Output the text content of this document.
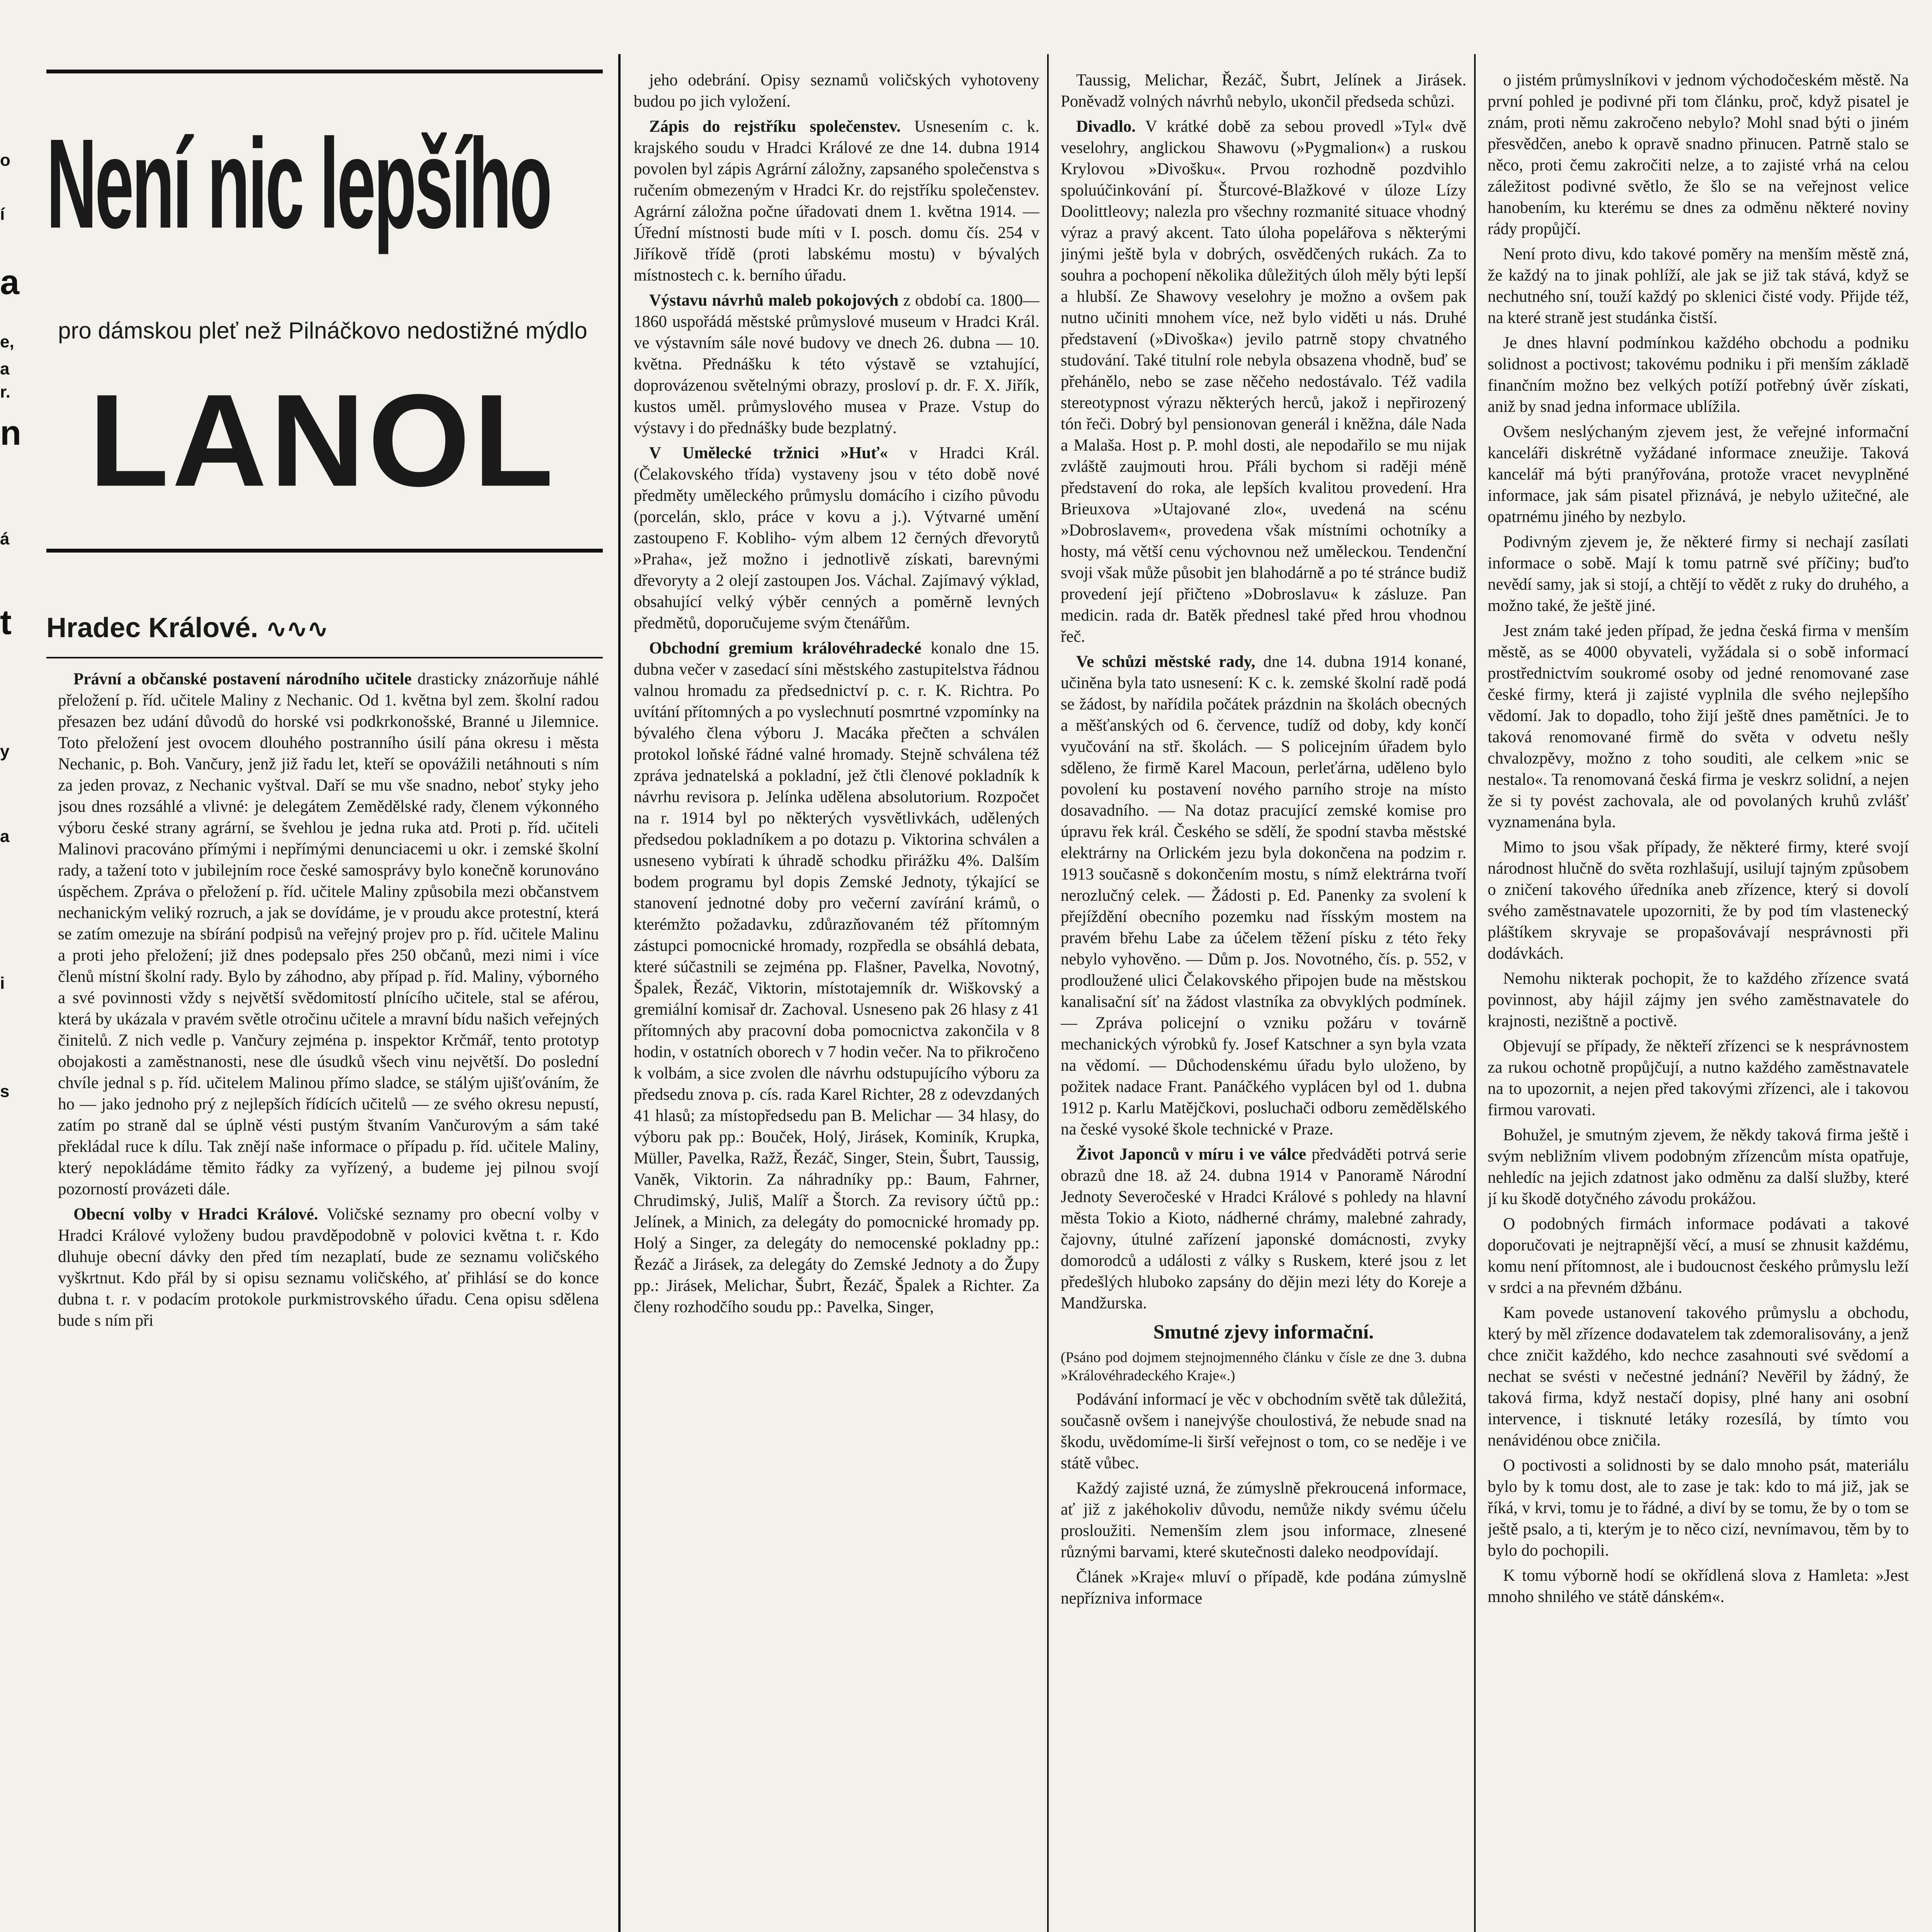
o
í
a
e,
a
r.
n
á
t
y
a
i
s
Není nic lepšího
pro dámskou pleť než Pilnáčkovo nedostižné mýdlo
LANOL
Hradec Králové. ∿∿∿

Právní a občanské postavení národního učitele drasticky znázorňuje náhlé přeložení p. říd. učitele Maliny z Nechanic. Od 1. května byl zem. školní radou přesazen bez udání důvodů do horské vsi podkrkonošské, Branné u Jilemnice. Toto přeložení jest ovocem dlouhého postranního úsilí pána okresu i města Nechanic, p. Boh. Vančury, jenž již řadu let, kteří se opovážili netáhnouti s ním za jeden provaz, z Nechanic vyštval. Daří se mu vše snadno, neboť styky jeho jsou dnes rozsáhlé a vlivné: je delegátem Zemědělské rady, členem výkonného výboru české strany agrární, se švehlou je jedna ruka atd. Proti p. říd. učiteli Malinovi pracováno přímými i nepřímými denunciacemi u okr. i zemské školní rady, a tažení toto v jubilejním roce české samosprávy bylo konečně korunováno úspěchem. Zpráva o přeložení p. říd. učitele Maliny způsobila mezi občanstvem nechanickým veliký rozruch, a jak se dovídáme, je v proudu akce protestní, která se zatím omezuje na sbírání podpisů na veřejný projev pro p. říd. učitele Malinu a proti jeho přeložení; již dnes podepsalo přes 250 občanů, mezi nimi i více členů místní školní rady. Bylo by záhodno, aby případ p. říd. Maliny, výborného a své povinnosti vždy s největší svědomitostí plnícího učitele, stal se aférou, která by ukázala v pravém světle otročinu učitele a mravní bídu našich veřejných činitelů. Z nich vedle p. Vančury zejména p. inspektor Krčmář, tento prototyp obojakosti a zaměstnanosti, nese dle úsudků všech vinu největší. Do poslední chvíle jednal s p. říd. učitelem Malinou přímo sladce, se stálým ujišťováním, že ho — jako jednoho prý z nejlepších řídících učitelů — ze svého okresu nepustí, zatím po straně dal se úplně vésti pustým štvaním Vančurovým a sám také překládal ruce k dílu. Tak znějí naše informace o případu p. říd. učitele Maliny, který nepokládáme těmito řádky za vyřízený, a budeme jej pilnou svojí pozorností provázeti dále.

Obecní volby v Hradci Králové. Voličské seznamy pro obecní volby v Hradci Králové vyloženy budou pravděpodobně v polovici května t. r. Kdo dluhuje obecní dávky den před tím nezaplatí, bude ze seznamu voličského vyškrtnut. Kdo přál by si opisu seznamu voličského, ať přihlásí se do konce dubna t. r. v podacím protokole purkmistrovského úřadu. Cena opisu sdělena bude s ním při

jeho odebrání. Opisy seznamů voličských vyhotoveny budou po jich vyložení.

Zápis do rejstříku společenstev. Usnesením c. k. krajského soudu v Hradci Králové ze dne 14. dubna 1914 povolen byl zápis Agrární záložny, zapsaného společenstva s ručením obmezeným v Hradci Kr. do rejstříku společenstev. Agrární záložna počne úřadovati dnem 1. května 1914. — Úřední místnosti bude míti v I. posch. domu čís. 254 v Jiříkově třídě (proti labskému mostu) v bývalých místnostech c. k. berního úřadu.

Výstavu návrhů maleb pokojových z období ca. 1800—1860 uspořádá městské průmyslové museum v Hradci Král. ve výstavním sále nové budovy ve dnech 26. dubna — 10. května. Přednášku k této výstavě se vztahující, doprovázenou světelnými obrazy, prosloví p. dr. F. X. Jiřík, kustos uměl. průmyslového musea v Praze. Vstup do výstavy i do přednášky bude bezplatný.

V Umělecké tržnici »Huť« v Hradci Král. (Čelakovského třída) vystaveny jsou v této době nové předměty uměleckého průmyslu domácího i cizího původu (porcelán, sklo, práce v kovu a j.). Výtvarné umění zastoupeno F. Kobliho- vým albem 12 černých dřevorytů »Praha«, jež možno i jednotlivě získati, barevnými dřevoryty a 2 olejí zastoupen Jos. Váchal. Zajímavý výklad, obsahující velký výběr cenných a poměrně levných předmětů, doporučujeme svým čtenářům.

Obchodní gremium královéhradecké konalo dne 15. dubna večer v zasedací síni městského zastupitelstva řádnou valnou hromadu za předsednictví p. c. r. K. Richtra. Po uvítání přítomných a po vyslechnutí posmrtné vzpomínky na bývalého člena výboru J. Macáka přečten a schválen protokol loňské řádné valné hromady. Stejně schválena též zpráva jednatelská a pokladní, jež čtli členové pokladník k návrhu revisora p. Jelínka udělena absolutorium. Rozpočet na r. 1914 byl po některých vysvětlivkách, udělených předsedou pokladníkem a po dotazu p. Viktorina schválen a usneseno vybírati k úhradě schodku přirážku 4%. Dalším bodem programu byl dopis Zemské Jednoty, týkající se stanovení jednotné doby pro večerní zavírání krámů, o kterémžto požadavku, zdůrazňovaném též přítomným zástupci pomocnické hromady, rozpředla se obsáhlá debata, které súčastnili se zejména pp. Flašner, Pavelka, Novotný, Špalek, Řezáč, Viktorin, místotajemník dr. Wiškovský a gremiální komisař dr. Zachoval. Usneseno pak 26 hlasy z 41 přítomných aby pracovní doba pomocnictva zakončila v 8 hodin, v ostatních oborech v 7 hodin večer. Na to přikročeno k volbám, a sice zvolen dle návrhu odstupujícího výboru za předsedu znova p. cís. rada Karel Richter, 28 z odevzdaných 41 hlasů; za místopředsedu pan B. Melichar — 34 hlasy, do výboru pak pp.: Bouček, Holý, Jirásek, Kominík, Krupka, Müller, Pavelka, Ražž, Řezáč, Singer, Stein, Šubrt, Taussig, Vaněk, Viktorin. Za náhradníky pp.: Baum, Fahrner, Chrudimský, Juliš, Malíř a Štorch. Za revisory účtů pp.: Jelínek, a Minich, za delegáty do pomocnické hromady pp. Holý a Singer, za delegáty do nemocenské pokladny pp.: Řezáč a Jirásek, za delegáty do Zemské Jednoty a do Župy pp.: Jirásek, Melichar, Šubrt, Řezáč, Špalek a Richter. Za členy rozhodčího soudu pp.: Pavelka, Singer,

Taussig, Melichar, Řezáč, Šubrt, Jelínek a Jirásek. Poněvadž volných návrhů nebylo, ukončil předseda schůzi.

Divadlo. V krátké době za sebou provedl »Tyl« dvě veselohry, anglickou Shawovu (»Pygmalion«) a ruskou Krylovou »Divošku«. Prvou rozhodně pozdvihlo spoluúčinkování pí. Šturcové-Blažkové v úloze Lízy Doolittleovy; nalezla pro všechny rozmanité situace vhodný výraz a pravý akcent. Tato úloha popelářova s některými jinými ještě byla v dobrých, osvědčených rukách. Za to souhra a pochopení několika důležitých úloh měly býti lepší a hlubší. Ze Shawovy veselohry je možno a ovšem pak nutno učiniti mnohem více, než bylo viděti u nás. Druhé představení (»Divoška«) jevilo patrně stopy chvatného studování. Také titulní role nebyla obsazena vhodně, buď se přehánělo, nebo se zase něčeho nedostávalo. Též vadila stereotypnost výrazu některých herců, jakož i nepřirozený tón řeči. Dobrý byl pensionovan generál i kněžna, dále Nada a Malaša. Host p. P. mohl dosti, ale nepodařilo se mu nijak zvláště zaujmouti hrou. Přáli bychom si raději méně představení do roka, ale lepších kvalitou provedení. Hra Brieuxova »Utajované zlo«, uvedená na scénu »Dobroslavem«, provedena však místními ochotníky a hosty, má větší cenu výchovnou než uměleckou. Tendenční svoji však může působit jen blahodárně a po té stránce budiž provedení její přičteno »Dobroslavu« k zásluze. Pan medicin. rada dr. Batěk přednesl také před hrou vhodnou řeč.

Ve schůzi městské rady, dne 14. dubna 1914 konané, učiněna byla tato usnesení: K c. k. zemské školní radě podá se žádost, by nařídila počátek prázdnin na školách obecných a měšťanských od 6. července, tudíž od doby, kdy končí vyučování na stř. školách. — S policejním úřadem bylo sděleno, že firmě Karel Macoun, perleťárna, uděleno bylo povolení ku postavení nového parního stroje na místo dosavadního. — Na dotaz pracující zemské komise pro úpravu řek král. Českého se sdělí, že spodní stavba městské elektrárny na Orlickém jezu byla dokončena na podzim r. 1913 současně s dokončením mostu, s nímž elektrárna tvoří nerozlučný celek. — Žádosti p. Ed. Panenky za svolení k přejíždění obecního pozemku nad řísským mostem na pravém břehu Labe za účelem těžení písku z této řeky nebylo vyhověno. — Dům p. Jos. Novotného, čís. p. 552, v prodloužené ulici Čelakovského připojen bude na městskou kanalisační síť na žádost vlastníka za obvyklých podmínek. — Zpráva policejní o vzniku požáru v továrně mechanických výrobků fy. Josef Katschner a syn byla vzata na vědomí. — Důchodenskému úřadu bylo uloženo, by požitek nadace Frant. Panáčkého vyplácen byl od 1. dubna 1912 p. Karlu Matějčkovi, posluchači odboru zemědělského na české vysoké škole technické v Praze.

Život Japonců v míru i ve válce předváděti potrvá serie obrazů dne 18. až 24. dubna 1914 v Panoramě Národní Jednoty Severočeské v Hradci Králové s pohledy na hlavní města Tokio a Kioto, nádherné chrámy, malebné zahrady, čajovny, útulné zařízení japonské domácnosti, zvyky domorodců a události z války s Ruskem, které jsou z let předešlých hluboko zapsány do dějin mezi léty do Koreje a Mandžurska.

Smutné zjevy informační.

(Psáno pod dojmem stejnojmenného článku v čísle ze dne 3. dubna »Královéhradeckého Kraje«.)

Podávání informací je věc v obchodním světě tak důležitá, současně ovšem i nanejvýše choulostivá, že nebude snad na škodu, uvědomíme-li širší veřejnost o tom, co se neděje i ve státě vůbec.

Každý zajisté uzná, že zúmyslně překroucená informace, ať již z jakéhokoliv důvodu, nemůže nikdy svému účelu prosloužiti. Nemenším zlem jsou informace, zlnesené různými barvami, které skutečnosti daleko neodpovídají.

Článek »Kraje« mluví o případě, kde podána zúmyslně nepřízniva informace

o jistém průmyslníkovi v jednom východočeském městě. Na první pohled je podivné při tom článku, proč, když pisatel je znám, proti němu zakročeno nebylo? Mohl snad býti o jiném přesvědčen, anebo k opravě snadno přinucen. Patrně stalo se něco, proti čemu zakročiti nelze, a to zajisté vrhá na celou záležitost podivné světlo, že šlo se na veřejnost velice hanobením, ku kterému se dnes za odměnu některé noviny rády propůjčí.

Není proto divu, kdo takové poměry na menším městě zná, že každý na to jinak pohlíží, ale jak se již tak stává, když se nechutného sní, touží každý po sklenici čisté vody. Přijde též, na které straně jest studánka čistší.

Je dnes hlavní podmínkou každého obchodu a podniku solidnost a poctivost; takovému podniku i při menším základě finančním možno bez velkých potíží potřebný úvěr získati, aniž by snad jedna informace ublížila.

Ovšem neslýchaným zjevem jest, že veřejné informační kanceláři diskrétně vyžádané informace zneužije. Taková kancelář má býti pranýřována, protože vracet nevyplněné informace, jak sám pisatel přiznává, je nebylo užitečné, ale opatrnému jiného by nezbylo.

Podivným zjevem je, že některé firmy si nechají zasílati informace o sobě. Mají k tomu patrně své příčiny; buďto nevědí samy, jak si stojí, a chtějí to vědět z ruky do druhého, a možno také, že ještě jiné.

Jest znám také jeden případ, že jedna česká firma v menším městě, as se 4000 obyvateli, vyžádala si o sobě informací prostřednictvím soukromé osoby od jedné renomované zase české firmy, která ji zajisté vyplnila dle svého nejlepšího vědomí. Jak to dopadlo, toho žijí ještě dnes pamětníci. Je to taková renomované firmě do světa v odvetu nešly chvalozpěvy, možno z toho souditi, ale celkem »nic se nestalo«. Ta renomovaná česká firma je veskrz solidní, a nejen že si ty povést zachovala, ale od povolaných kruhů zvlášť vyznamenána byla.

Mimo to jsou však případy, že některé firmy, které svojí národnost hlučně do světa rozhlašují, usilují tajným způsobem o zničení takového úředníka aneb zřízence, který si dovolí svého zaměstnavatele upozorniti, že by pod tím vlastenecký pláštíkem skryvaje se propašovávají nesprávnosti při dodávkách.

Nemohu nikterak pochopit, že to každého zřízence svatá povinnost, aby hájil zájmy jen svého zaměstnavatele do krajnosti, nezištně a poctivě.

Objevují se případy, že někteří zřízenci se k nesprávnostem za rukou ochotně propůjčují, a nutno každého zaměstnavatele na to upozornit, a nejen před takovými zřízenci, ale i takovou firmou varovati.

Bohužel, je smutným zjevem, že někdy taková firma ještě i svým nebližním vlivem podobným zřízencům místa opatřuje, nehledíc na jejich zdatnost jako odměnu za další služby, které jí ku škodě dotyčného závodu prokážou.

O podobných firmách informace podávati a takové doporučovati je nejtrapnější věcí, a musí se zhnusit každému, komu není přítomnost, ale i budoucnost českého průmyslu leží v srdci a na převném džbánu.

Kam povede ustanovení takového průmyslu a obchodu, který by měl zřízence dodavatelem tak zdemoralisovány, a jenž chce zničit každého, kdo nechce zasahnouti své svědomí a nechat se svésti v nečestné jednání? Nevěřil by žádný, že taková firma, když nestačí dopisy, plné hany ani osobní intervence, i tisknuté letáky rozesílá, by tímto vou nenávidénou obce zničila.

O poctivosti a solidnosti by se dalo mnoho psát, materiálu bylo by k tomu dost, ale to zase je tak: kdo to má již, jak se říká, v krvi, tomu je to řádné, a diví by se tomu, že by o tom se ještě psalo, a ti, kterým je to něco cizí, nevnímavou, těm by to bylo do pochopili.

K tomu výborně hodí se okřídlená slova z Hamleta: »Jest mnoho shnilého ve státě dánském«.
